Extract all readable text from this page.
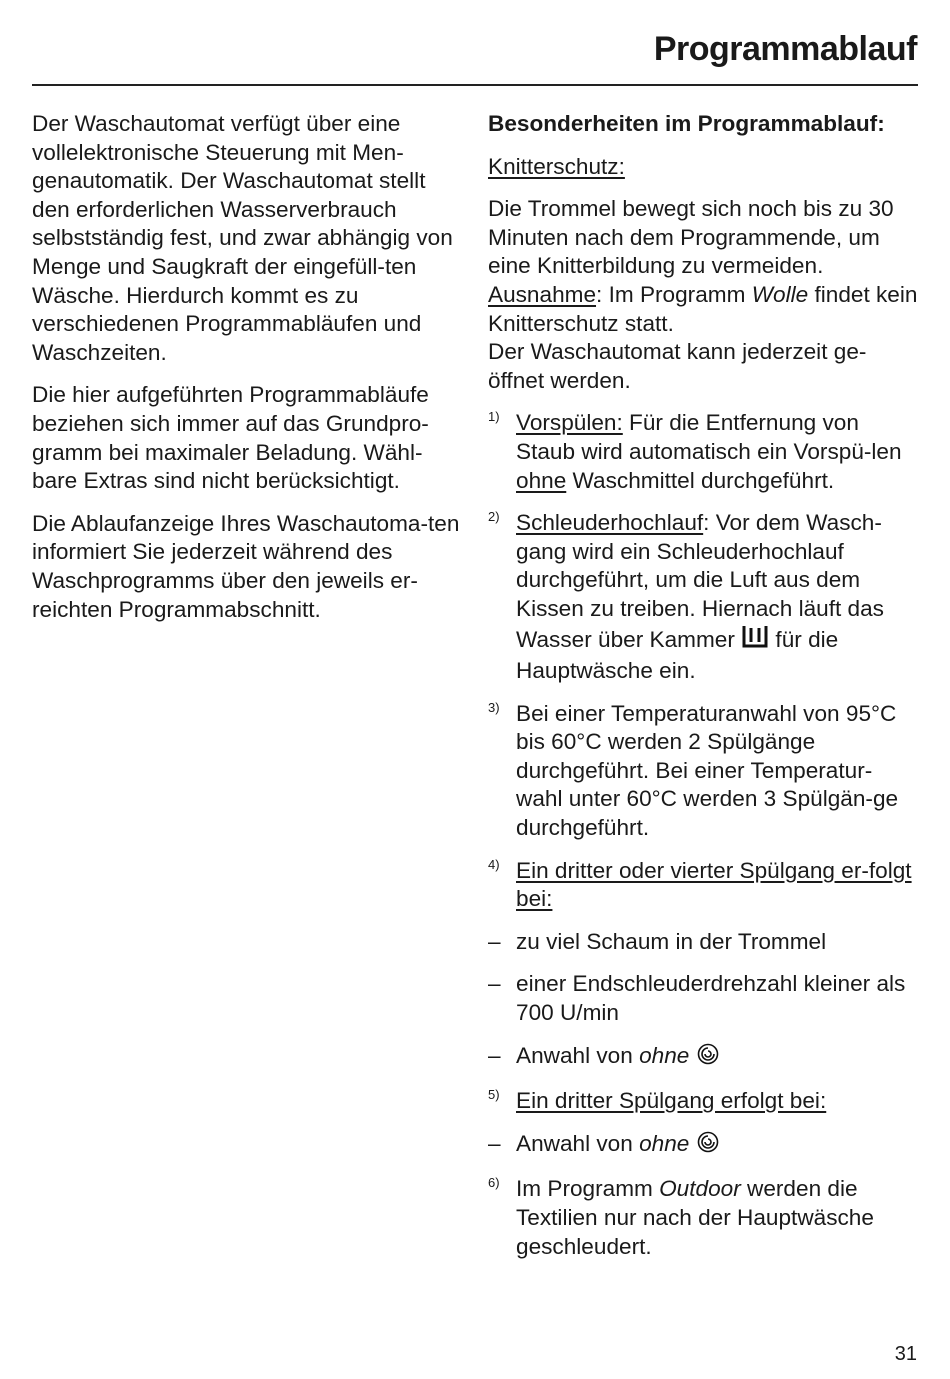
Programmablauf

Der Waschautomat verfügt über eine vollelektronische Steuerung mit Men-genautomatik. Der Waschautomat stellt den erforderlichen Wasserverbrauch selbstständig fest, und zwar abhängig von Menge und Saugkraft der eingefüll-ten Wäsche. Hierdurch kommt es zu verschiedenen Programmabläufen und Waschzeiten.

Die hier aufgeführten Programmabläufe beziehen sich immer auf das Grundpro-gramm bei maximaler Beladung. Wähl-bare Extras sind nicht berücksichtigt.

Die Ablaufanzeige Ihres Waschautoma-ten informiert Sie jederzeit während des Waschprogramms über den jeweils er-reichten Programmabschnitt.

Besonderheiten im Programmablauf:

Knitterschutz:

Die Trommel bewegt sich noch bis zu 30 Minuten nach dem Programmende, um eine Knitterbildung zu vermeiden. Ausnahme: Im Programm Wolle findet kein Knitterschutz statt.

Der Waschautomat kann jederzeit ge-öffnet werden.

1) Vorspülen: Für die Entfernung von Staub wird automatisch ein Vorspü-len ohne Waschmittel durchgeführt.
2) Schleuderhochlauf: Vor dem Wasch-gang wird ein Schleuderhochlauf durchgeführt, um die Luft aus dem Kissen zu treiben. Hiernach läuft das Wasser über Kammer  für die Hauptwäsche ein.
3) Bei einer Temperaturanwahl von 95°C bis 60°C werden 2 Spülgänge durchgeführt. Bei einer Temperatur-wahl unter 60°C werden 3 Spülgän-ge durchgeführt.
4) Ein dritter oder vierter Spülgang er-folgt bei:
– zu viel Schaum in der Trommel
– einer Endschleuderdrehzahl kleiner als 700 U/min
– Anwahl von ohne
5) Ein dritter Spülgang erfolgt bei:
– Anwahl von ohne
6) Im Programm Outdoor werden die Textilien nur nach der Hauptwäsche geschleudert.
31
